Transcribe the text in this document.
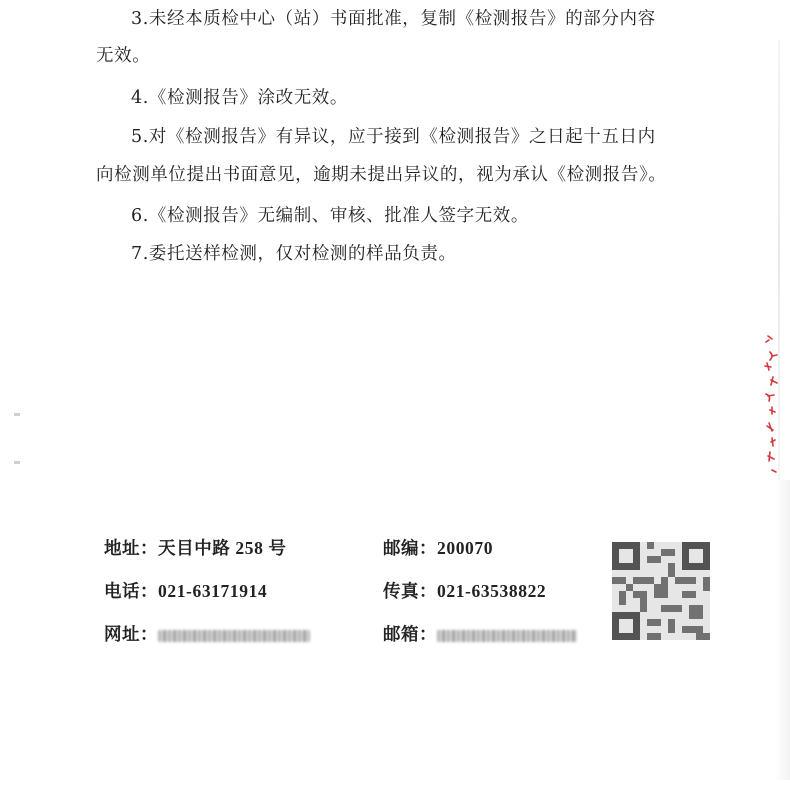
3.未经本质检中心（站）书面批准，复制《检测报告》的部分内容
无效。
4.《检测报告》涂改无效。
5.对《检测报告》有异议，应于接到《检测报告》之日起十五日内
向检测单位提出书面意见，逾期未提出异议的，视为承认《检测报告》。
6.《检测报告》无编制、审核、批准人签字无效。
7.委托送样检测，仅对检测的样品负责。
地址：天目中路 258 号	邮编：200070
电话：021-63171914	传真：021-63538822
网址：	邮箱：
